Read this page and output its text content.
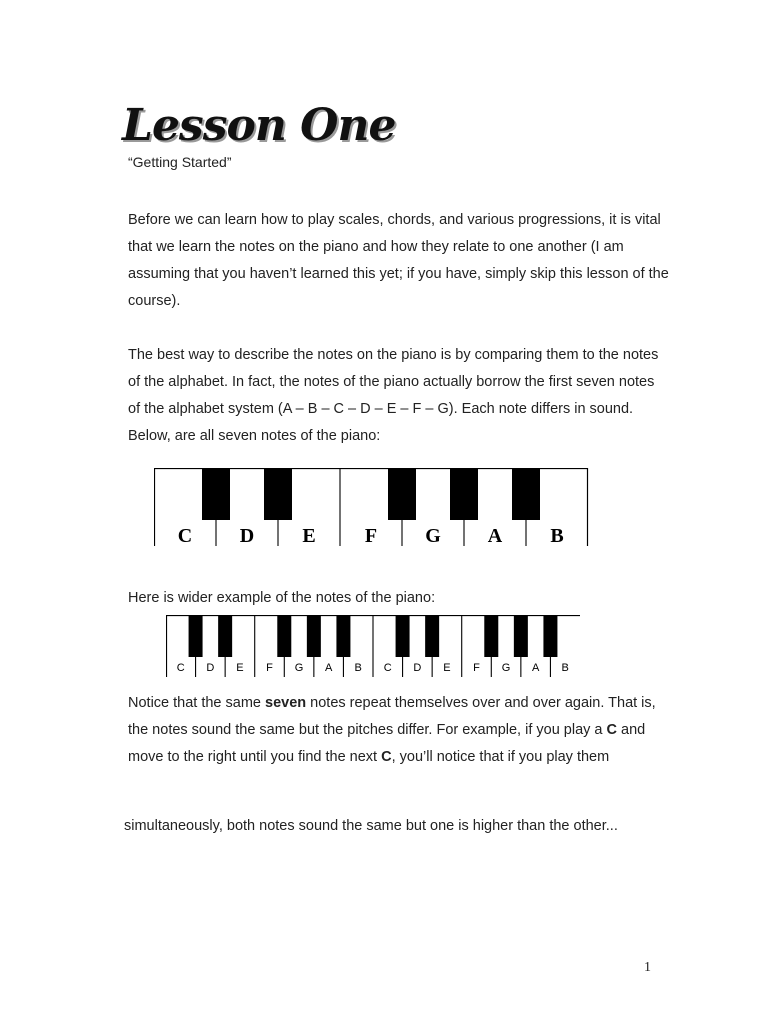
Lesson One
“Getting Started”

Before we can learn how to play scales, chords, and various progressions, it is vital
that we learn the notes on the piano and how they relate to one another (I am
assuming that you haven’t learned this yet; if you have, simply skip this lesson of the
course).

The best way to describe the notes on the piano is by comparing them to the notes
of the alphabet. In fact, the notes of the piano actually borrow the first seven notes
of the alphabet system (A – B – C – D – E – F – G). Each note differs in sound.
Below, are all seven notes of the piano:

C D E F G A B

Here is wider example of the notes of the piano:

C D E F G A B C D E F G A B

Notice that the same seven notes repeat themselves over and over again. That is,
the notes sound the same but the pitches differ. For example, if you play a C and
move to the right until you find the next C, you’ll notice that if you play them

simultaneously, both notes sound the same but one is higher than the other...

1
